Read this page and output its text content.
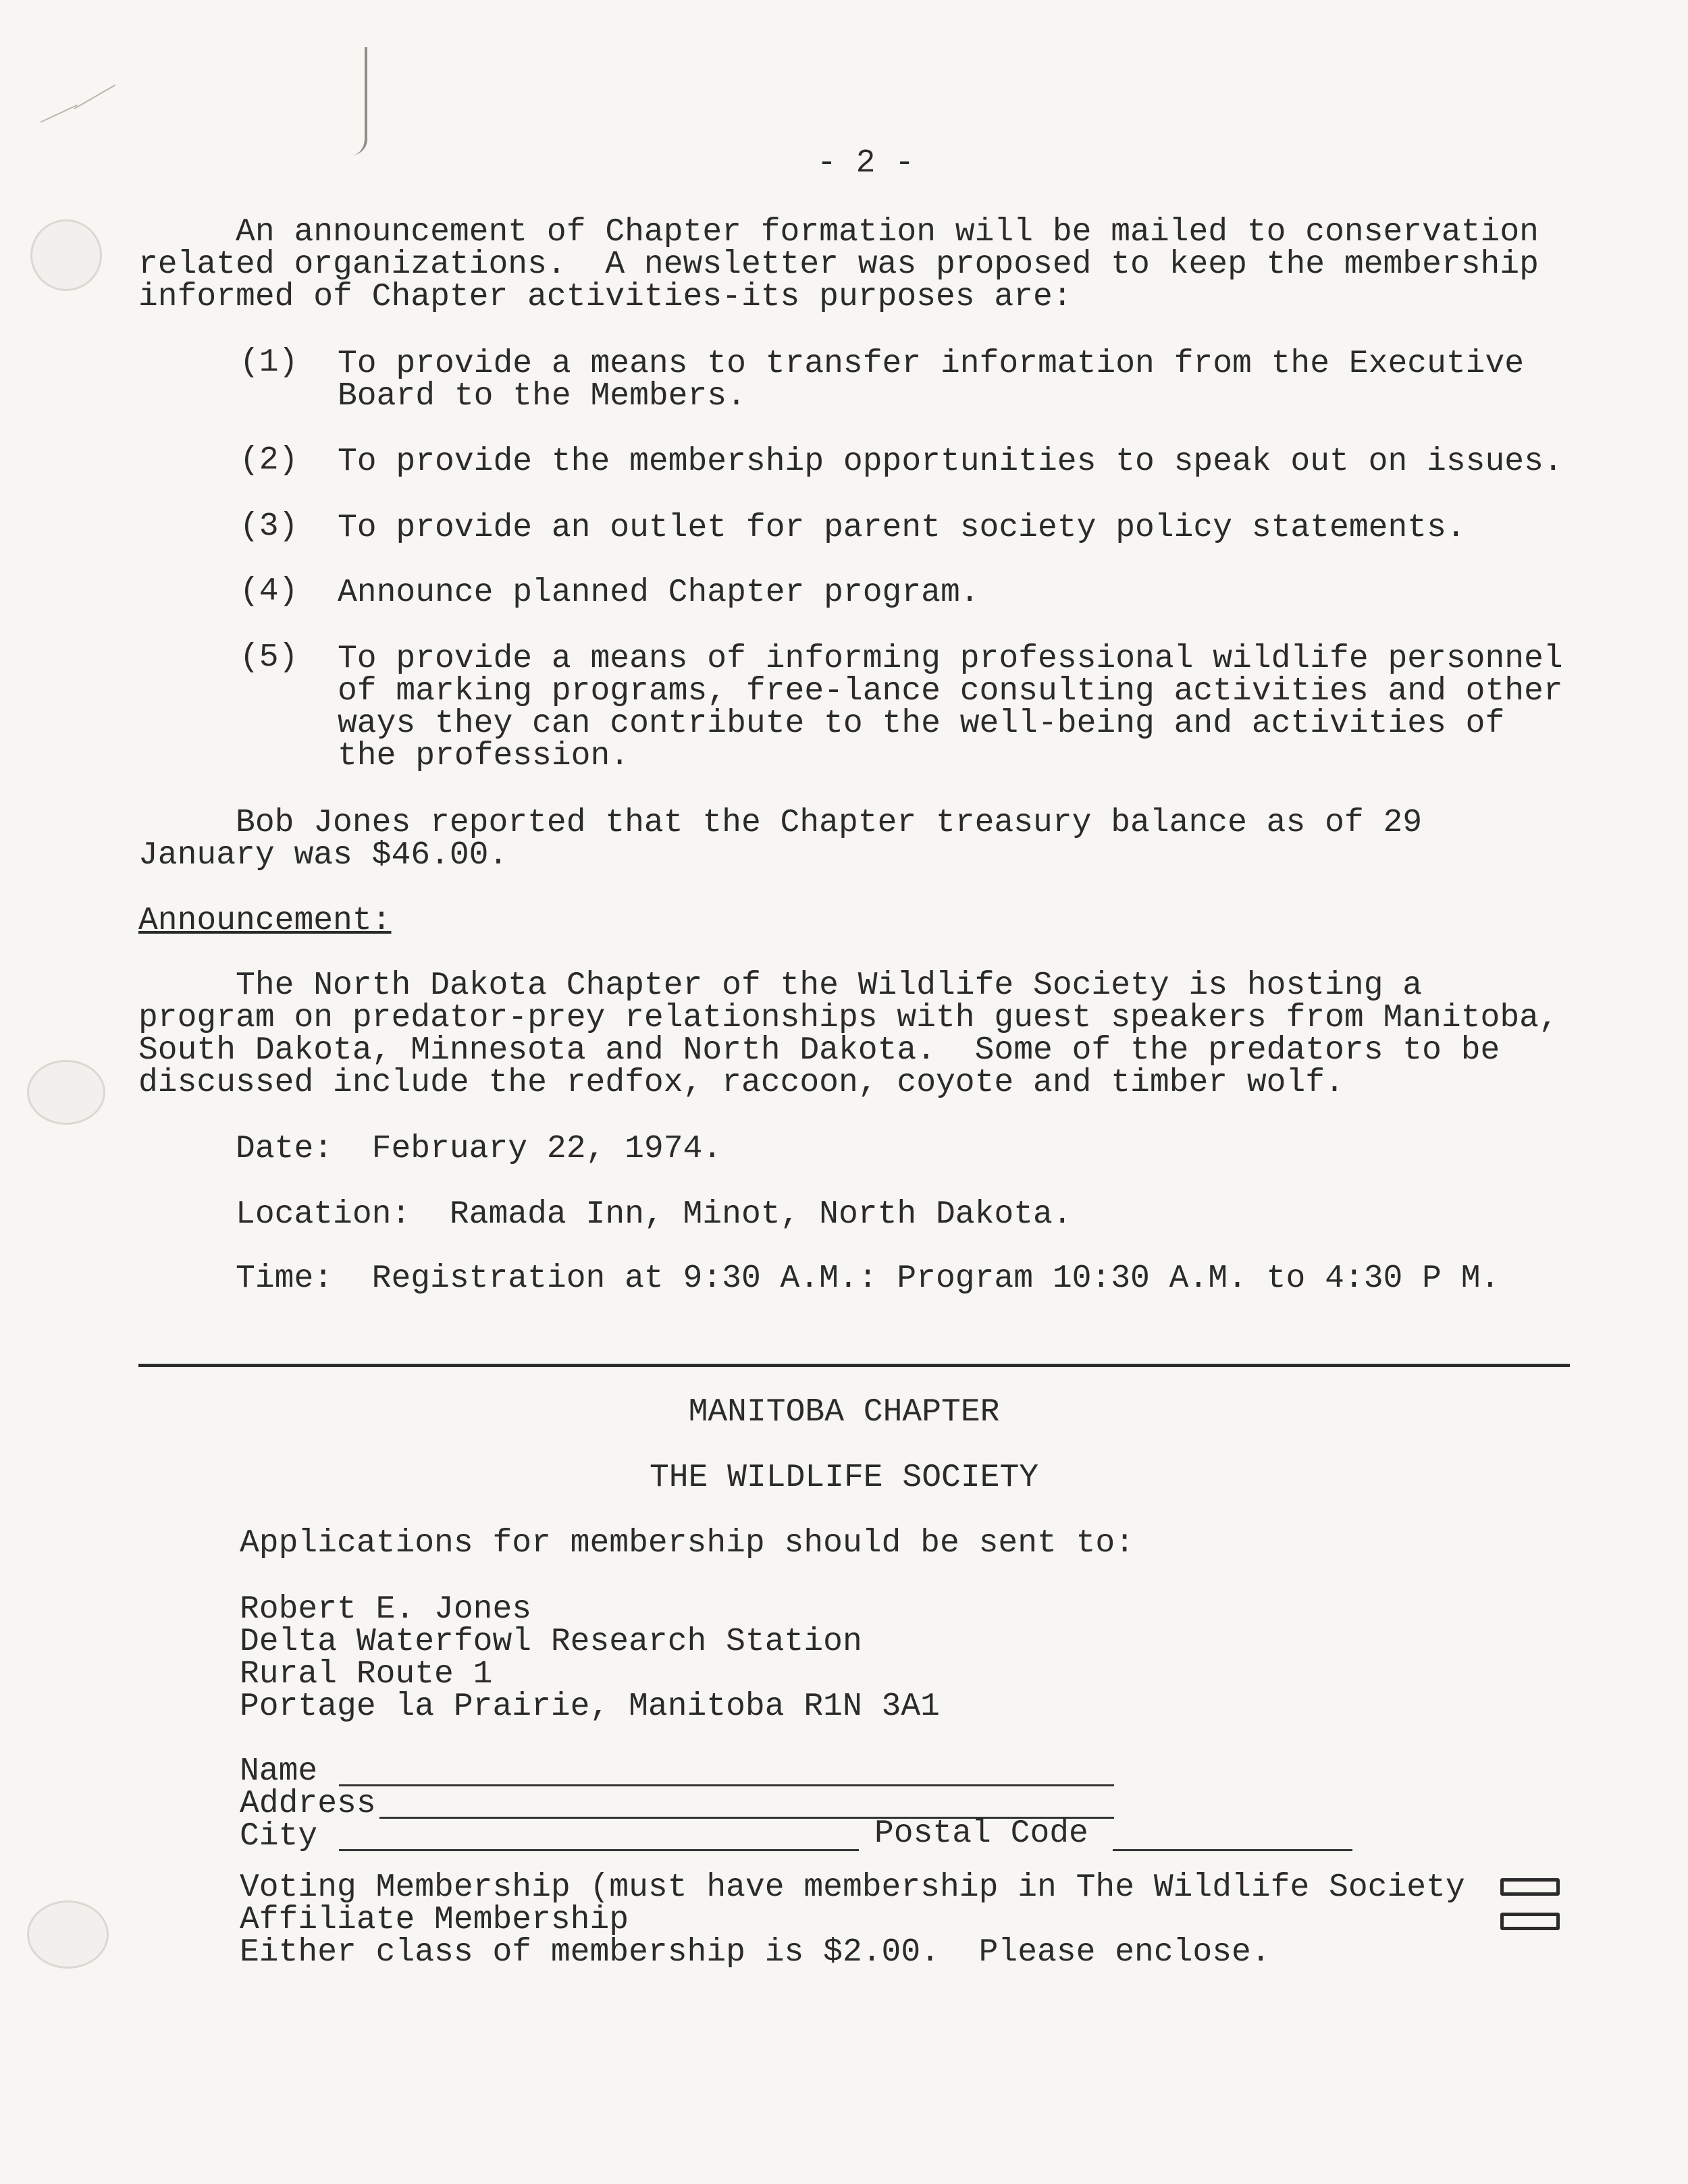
- 2 -
An announcement of Chapter formation will be mailed to conservation
related organizations.  A newsletter was proposed to keep the membership
informed of Chapter activities-its purposes are:
(1) To provide a means to transfer information from the Executive
Board to the Members.
(2) To provide the membership opportunities to speak out on issues.
(3) To provide an outlet for parent society policy statements.
(4) Announce planned Chapter program.
(5) To provide a means of informing professional wildlife personnel
of marking programs, free-lance consulting activities and other
ways they can contribute to the well-being and activities of
the profession.
Bob Jones reported that the Chapter treasury balance as of 29
January was $46.00.
Announcement:
The North Dakota Chapter of the Wildlife Society is hosting a
program on predator-prey relationships with guest speakers from Manitoba,
South Dakota, Minnesota and North Dakota.  Some of the predators to be
discussed include the redfox, raccoon, coyote and timber wolf.
Date:  February 22, 1974.
Location:  Ramada Inn, Minot, North Dakota.
Time:  Registration at 9:30 A.M.: Program 10:30 A.M. to 4:30 P M.
MANITOBA CHAPTER
THE WILDLIFE SOCIETY
Applications for membership should be sent to:
Robert E. Jones
Delta Waterfowl Research Station
Rural Route 1
Portage la Prairie, Manitoba R1N 3A1
Name
Address
City	Postal Code
Voting Membership (must have membership in The Wildlife Society
Affiliate Membership
Either class of membership is $2.00.  Please enclose.
